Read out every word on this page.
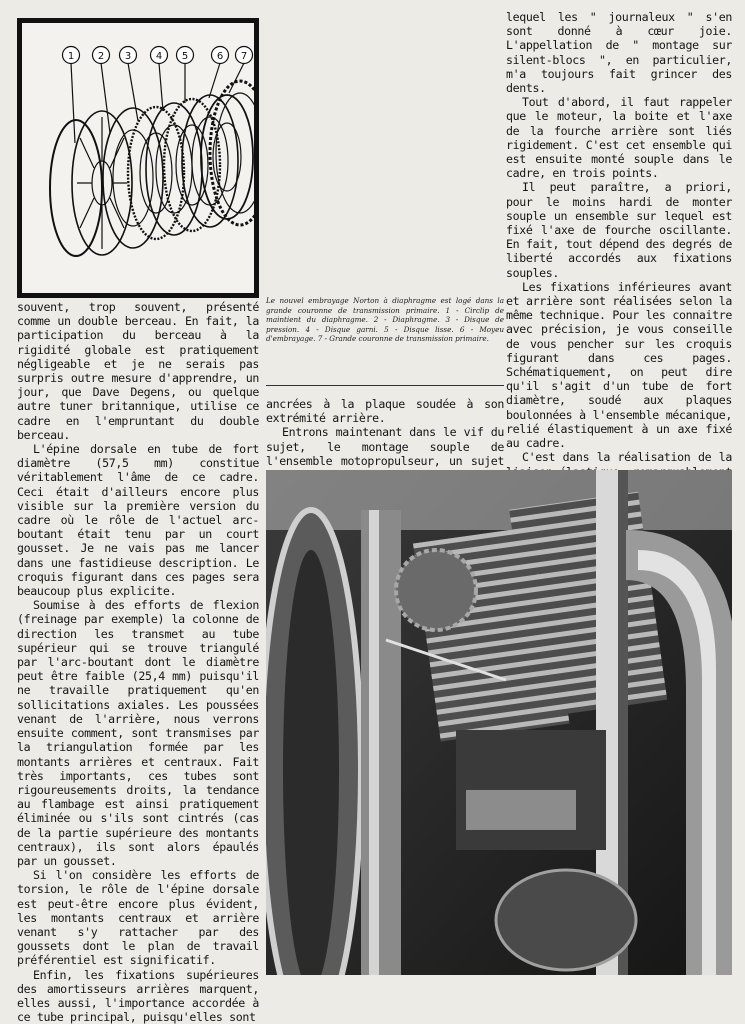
1 2 3 4 5	6 7
Le nouvel embrayage Norton à diaphragme est logé dans la grande couronne de transmission primaire. 1 - Circlip de maintient du diaphragme. 2 - Diaphragme. 3 - Disque de pression. 4 - Disque garni. 5 - Disque lisse. 6 - Moyeu d'embrayage. 7 - Grande couronne de transmission primaire.

souvent, trop souvent, présenté comme un double berceau. En fait, la participation du berceau à la rigidité globale est pratiquement négligeable et je ne serais pas surpris outre mesure d'apprendre, un jour, que Dave Degens, ou quelque autre tuner britannique, utilise ce cadre en l'empruntant du double berceau.

L'épine dorsale en tube de fort diamètre (57,5 mm) constitue véritablement l'âme de ce cadre. Ceci était d'ailleurs encore plus visible sur la première version du cadre où le rôle de l'actuel arc-boutant était tenu par un court gousset. Je ne vais pas me lancer dans une fastidieuse description. Le croquis figurant dans ces pages sera beaucoup plus explicite.

Soumise à des efforts de flexion (freinage par exemple) la colonne de direction les transmet au tube supérieur qui se trouve triangulé par l'arc-boutant dont le diamètre peut être faible (25,4 mm) puisqu'il ne travaille pratiquement qu'en sollicitations axiales. Les poussées venant de l'arrière, nous verrons ensuite comment, sont transmises par la triangulation formée par les montants arrières et centraux. Fait très importants, ces tubes sont rigoureusements droits, la tendance au flambage est ainsi pratiquement éliminée ou s'ils sont cintrés (cas de la partie supérieure des montants centraux), ils sont alors épaulés par un gousset.

Si l'on considère les efforts de torsion, le rôle de l'épine dorsale est peut-être encore plus évident, les montants centraux et arrière venant s'y rattacher par des goussets dont le plan de travail préférentiel est significatif.

Enfin, les fixations supérieures des amortisseurs arrières marquent, elles aussi, l'importance accordée à ce tube principal, puisqu'elles sont

ancrées à la plaque soudée à son extrémité arrière.

Entrons maintenant dans le vif du sujet, le montage souple de l'ensemble motopropulseur, un sujet

lequel les " journaleux " s'en sont donné à cœur joie. L'appellation de " montage sur silent-blocs ", en particulier, m'a toujours fait grincer des dents.

Tout d'abord, il faut rappeler que le moteur, la boite et l'axe de la fourche arrière sont liés rigidement. C'est cet ensemble qui est ensuite monté souple dans le cadre, en trois points.

Il peut paraître, a priori, pour le moins hardi de monter souple un ensemble sur lequel est fixé l'axe de fourche oscillante. En fait, tout dépend des degrés de liberté accordés aux fixations souples.

Les fixations inférieures avant et arrière sont réalisées selon la même technique. Pour les connaitre avec précision, je vous conseille de vous pencher sur les croquis figurant dans ces pages. Schématiquement, on peut dire qu'il s'agit d'un tube de fort diamètre, soudé aux plaques boulonnées à l'ensemble mécanique, relié élastiquement à un axe fixé au cadre.

C'est dans la réalisation de la
